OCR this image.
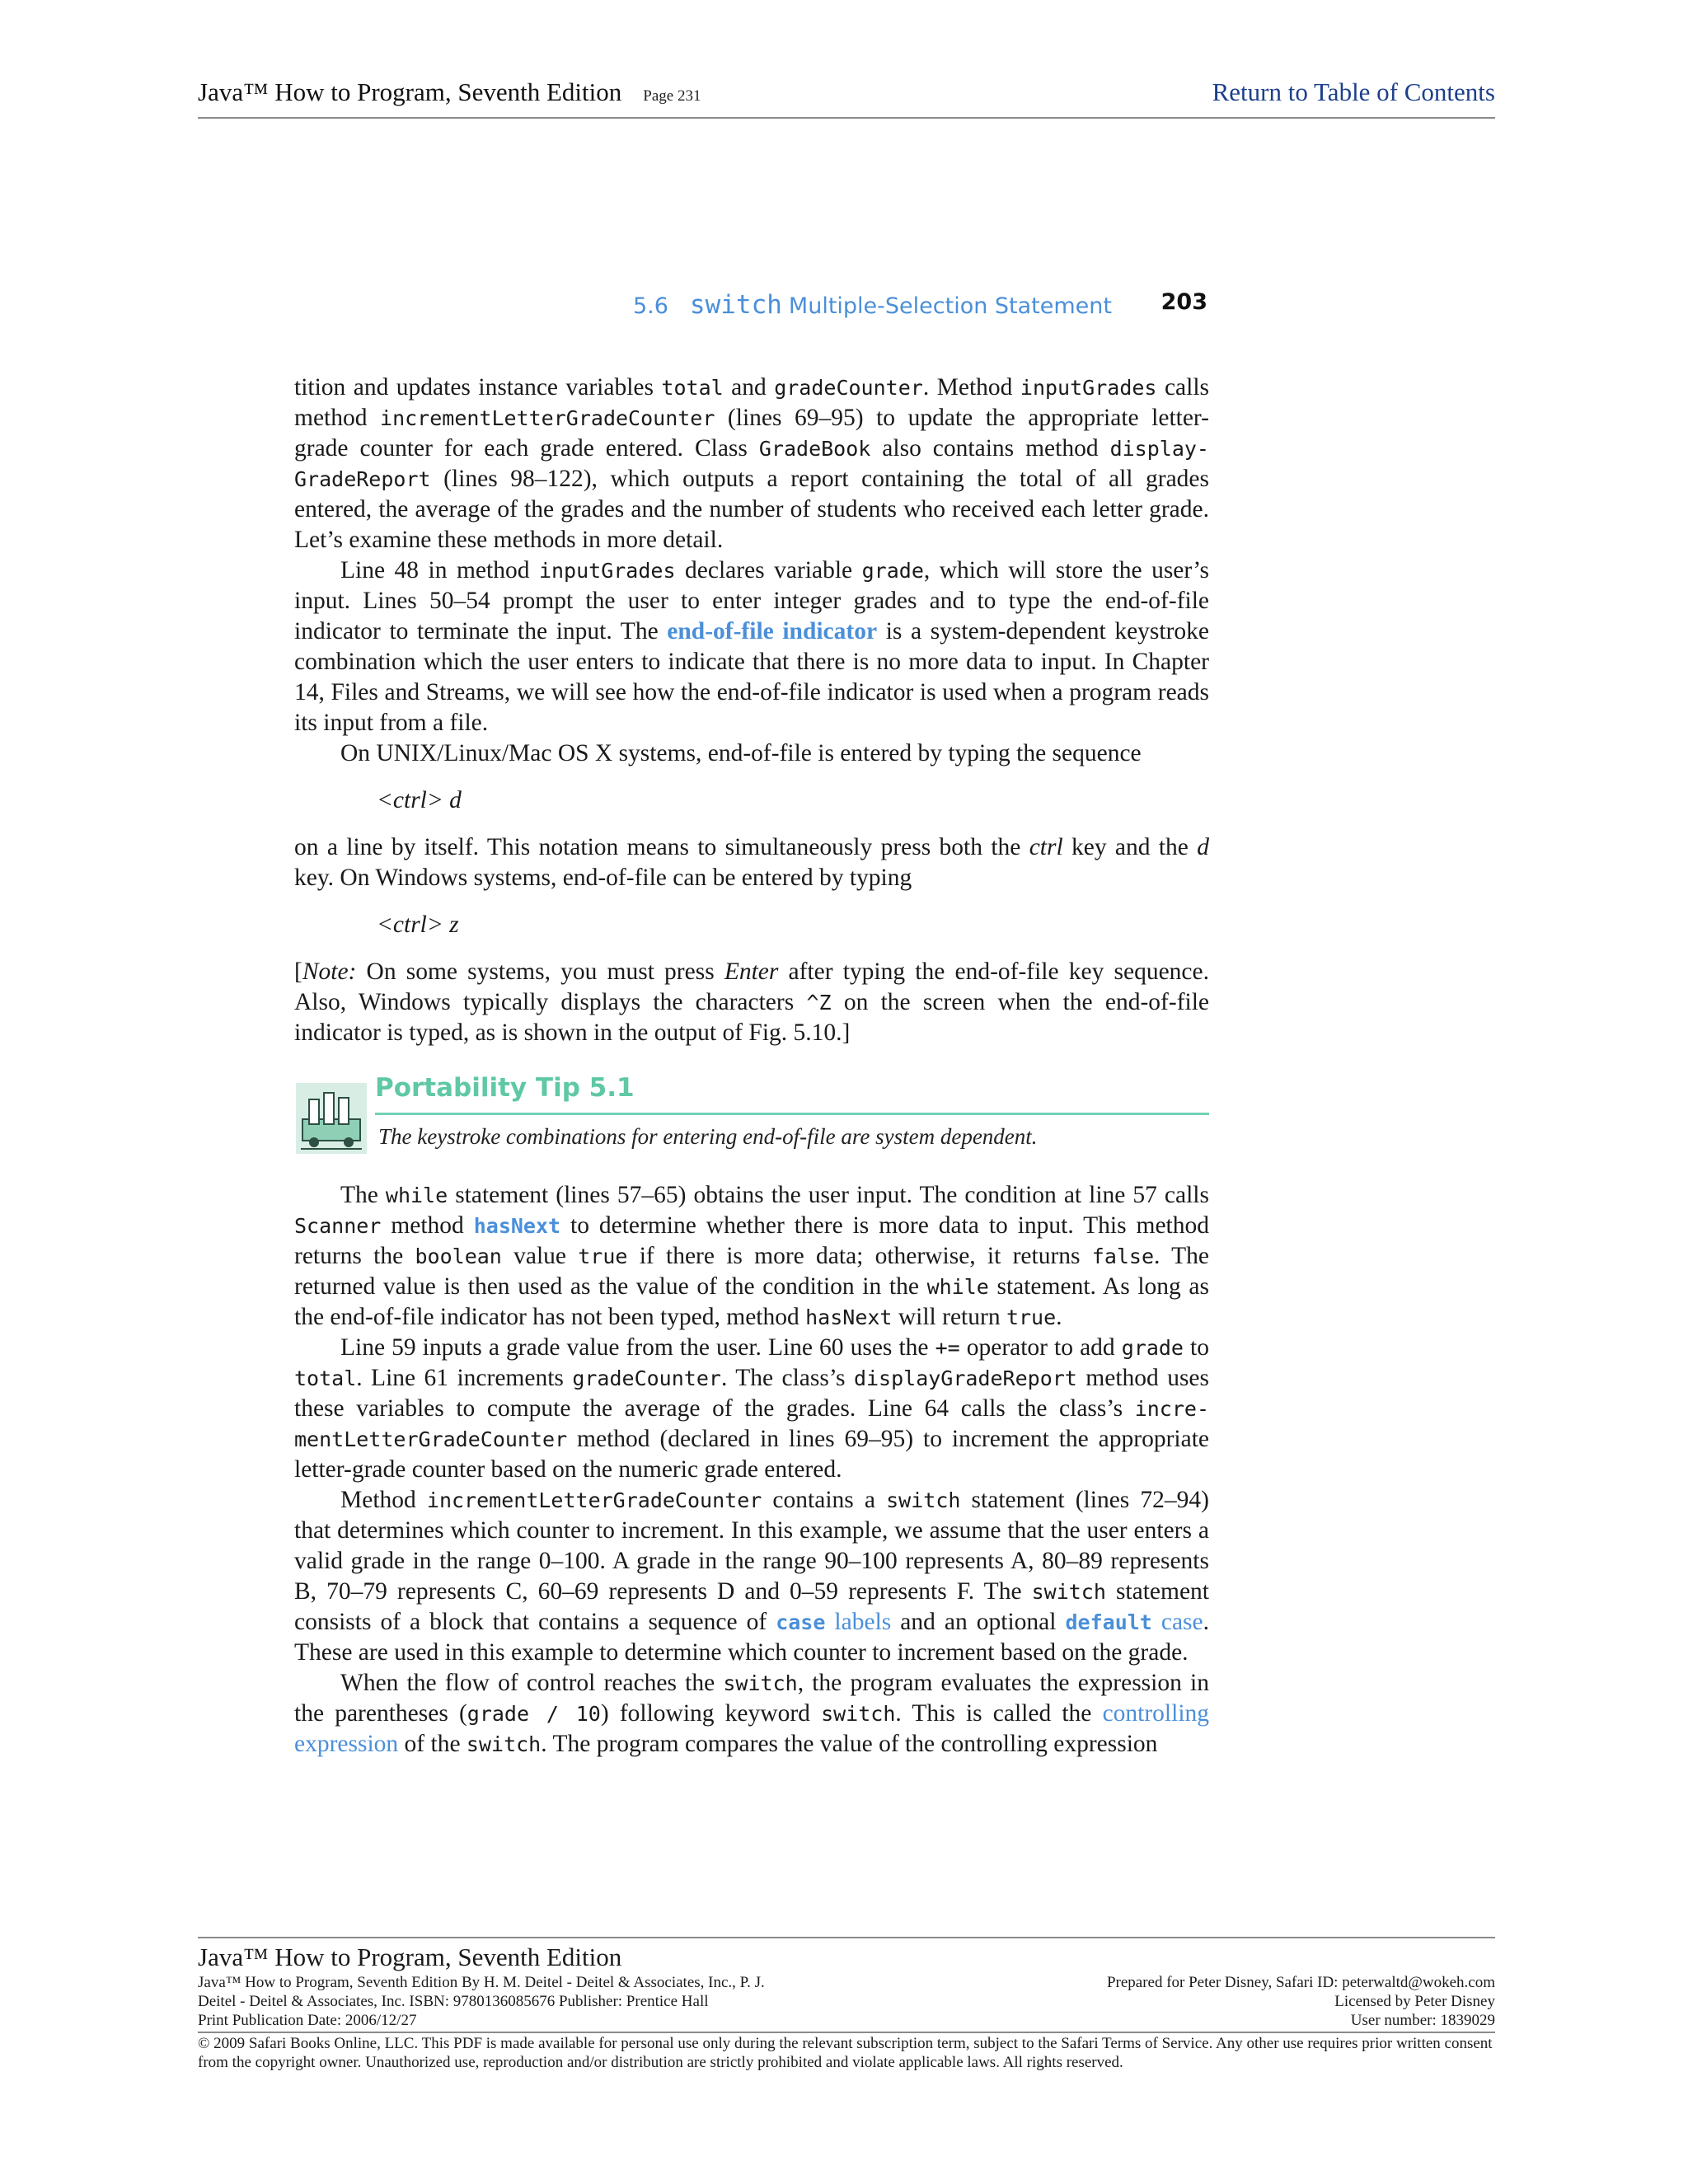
Java™ How to Program, Seventh Edition Page 231	Return to Table of Contents
5.6 switch Multiple-Selection Statement 203

tition and updates instance variables total and gradeCounter. Method inputGrades calls method incrementLetterGradeCounter (lines 69–95) to update the appropriate letter-grade counter for each grade entered. Class GradeBook also contains method display-GradeReport (lines 98–122), which outputs a report containing the total of all grades entered, the average of the grades and the number of students who received each letter grade. Let’s examine these methods in more detail.

Line 48 in method inputGrades declares variable grade, which will store the user’s input. Lines 50–54 prompt the user to enter integer grades and to type the end-of-file indicator to terminate the input. The end-of-file indicator is a system-dependent keystroke combination which the user enters to indicate that there is no more data to input. In Chapter 14, Files and Streams, we will see how the end-of-file indicator is used when a program reads its input from a file.

On UNIX/Linux/Mac OS X systems, end-of-file is entered by typing the sequence

<ctrl> d

on a line by itself. This notation means to simultaneously press both the ctrl key and the d key. On Windows systems, end-of-file can be entered by typing

<ctrl> z

[Note: On some systems, you must press Enter after typing the end-of-file key sequence. Also, Windows typically displays the characters ^Z on the screen when the end-of-file indicator is typed, as is shown in the output of Fig. 5.10.]

Portability Tip 5.1
The keystroke combinations for entering end-of-file are system dependent.

The while statement (lines 57–65) obtains the user input. The condition at line 57 calls Scanner method hasNext to determine whether there is more data to input. This method returns the boolean value true if there is more data; otherwise, it returns false. The returned value is then used as the value of the condition in the while statement. As long as the end-of-file indicator has not been typed, method hasNext will return true.

Line 59 inputs a grade value from the user. Line 60 uses the += operator to add grade to total. Line 61 increments gradeCounter. The class’s displayGradeReport method uses these variables to compute the average of the grades. Line 64 calls the class’s incre-mentLetterGradeCounter method (declared in lines 69–95) to increment the appropriate letter-grade counter based on the numeric grade entered.

Method incrementLetterGradeCounter contains a switch statement (lines 72–94) that determines which counter to increment. In this example, we assume that the user enters a valid grade in the range 0–100. A grade in the range 90–100 represents A, 80–89 represents B, 70–79 represents C, 60–69 represents D and 0–59 represents F. The switch statement consists of a block that contains a sequence of case labels and an optional default case. These are used in this example to determine which counter to increment based on the grade.

When the flow of control reaches the switch, the program evaluates the expression in the parentheses (grade / 10) following keyword switch. This is called the controlling expression of the switch. The program compares the value of the controlling expression

Java™ How to Program, Seventh Edition
Java™ How to Program, Seventh Edition By H. M. Deitel - Deitel & Associates, Inc., P. J.	Prepared for Peter Disney, Safari ID: peterwaltd@wokeh.com
Deitel - Deitel & Associates, Inc. ISBN: 9780136085676 Publisher: Prentice Hall	Licensed by Peter Disney
Print Publication Date: 2006/12/27	User number: 1839029
© 2009 Safari Books Online, LLC. This PDF is made available for personal use only during the relevant subscription term, subject to the Safari Terms of Service. Any other use requires prior written consent from the copyright owner. Unauthorized use, reproduction and/or distribution are strictly prohibited and violate applicable laws. All rights reserved.
